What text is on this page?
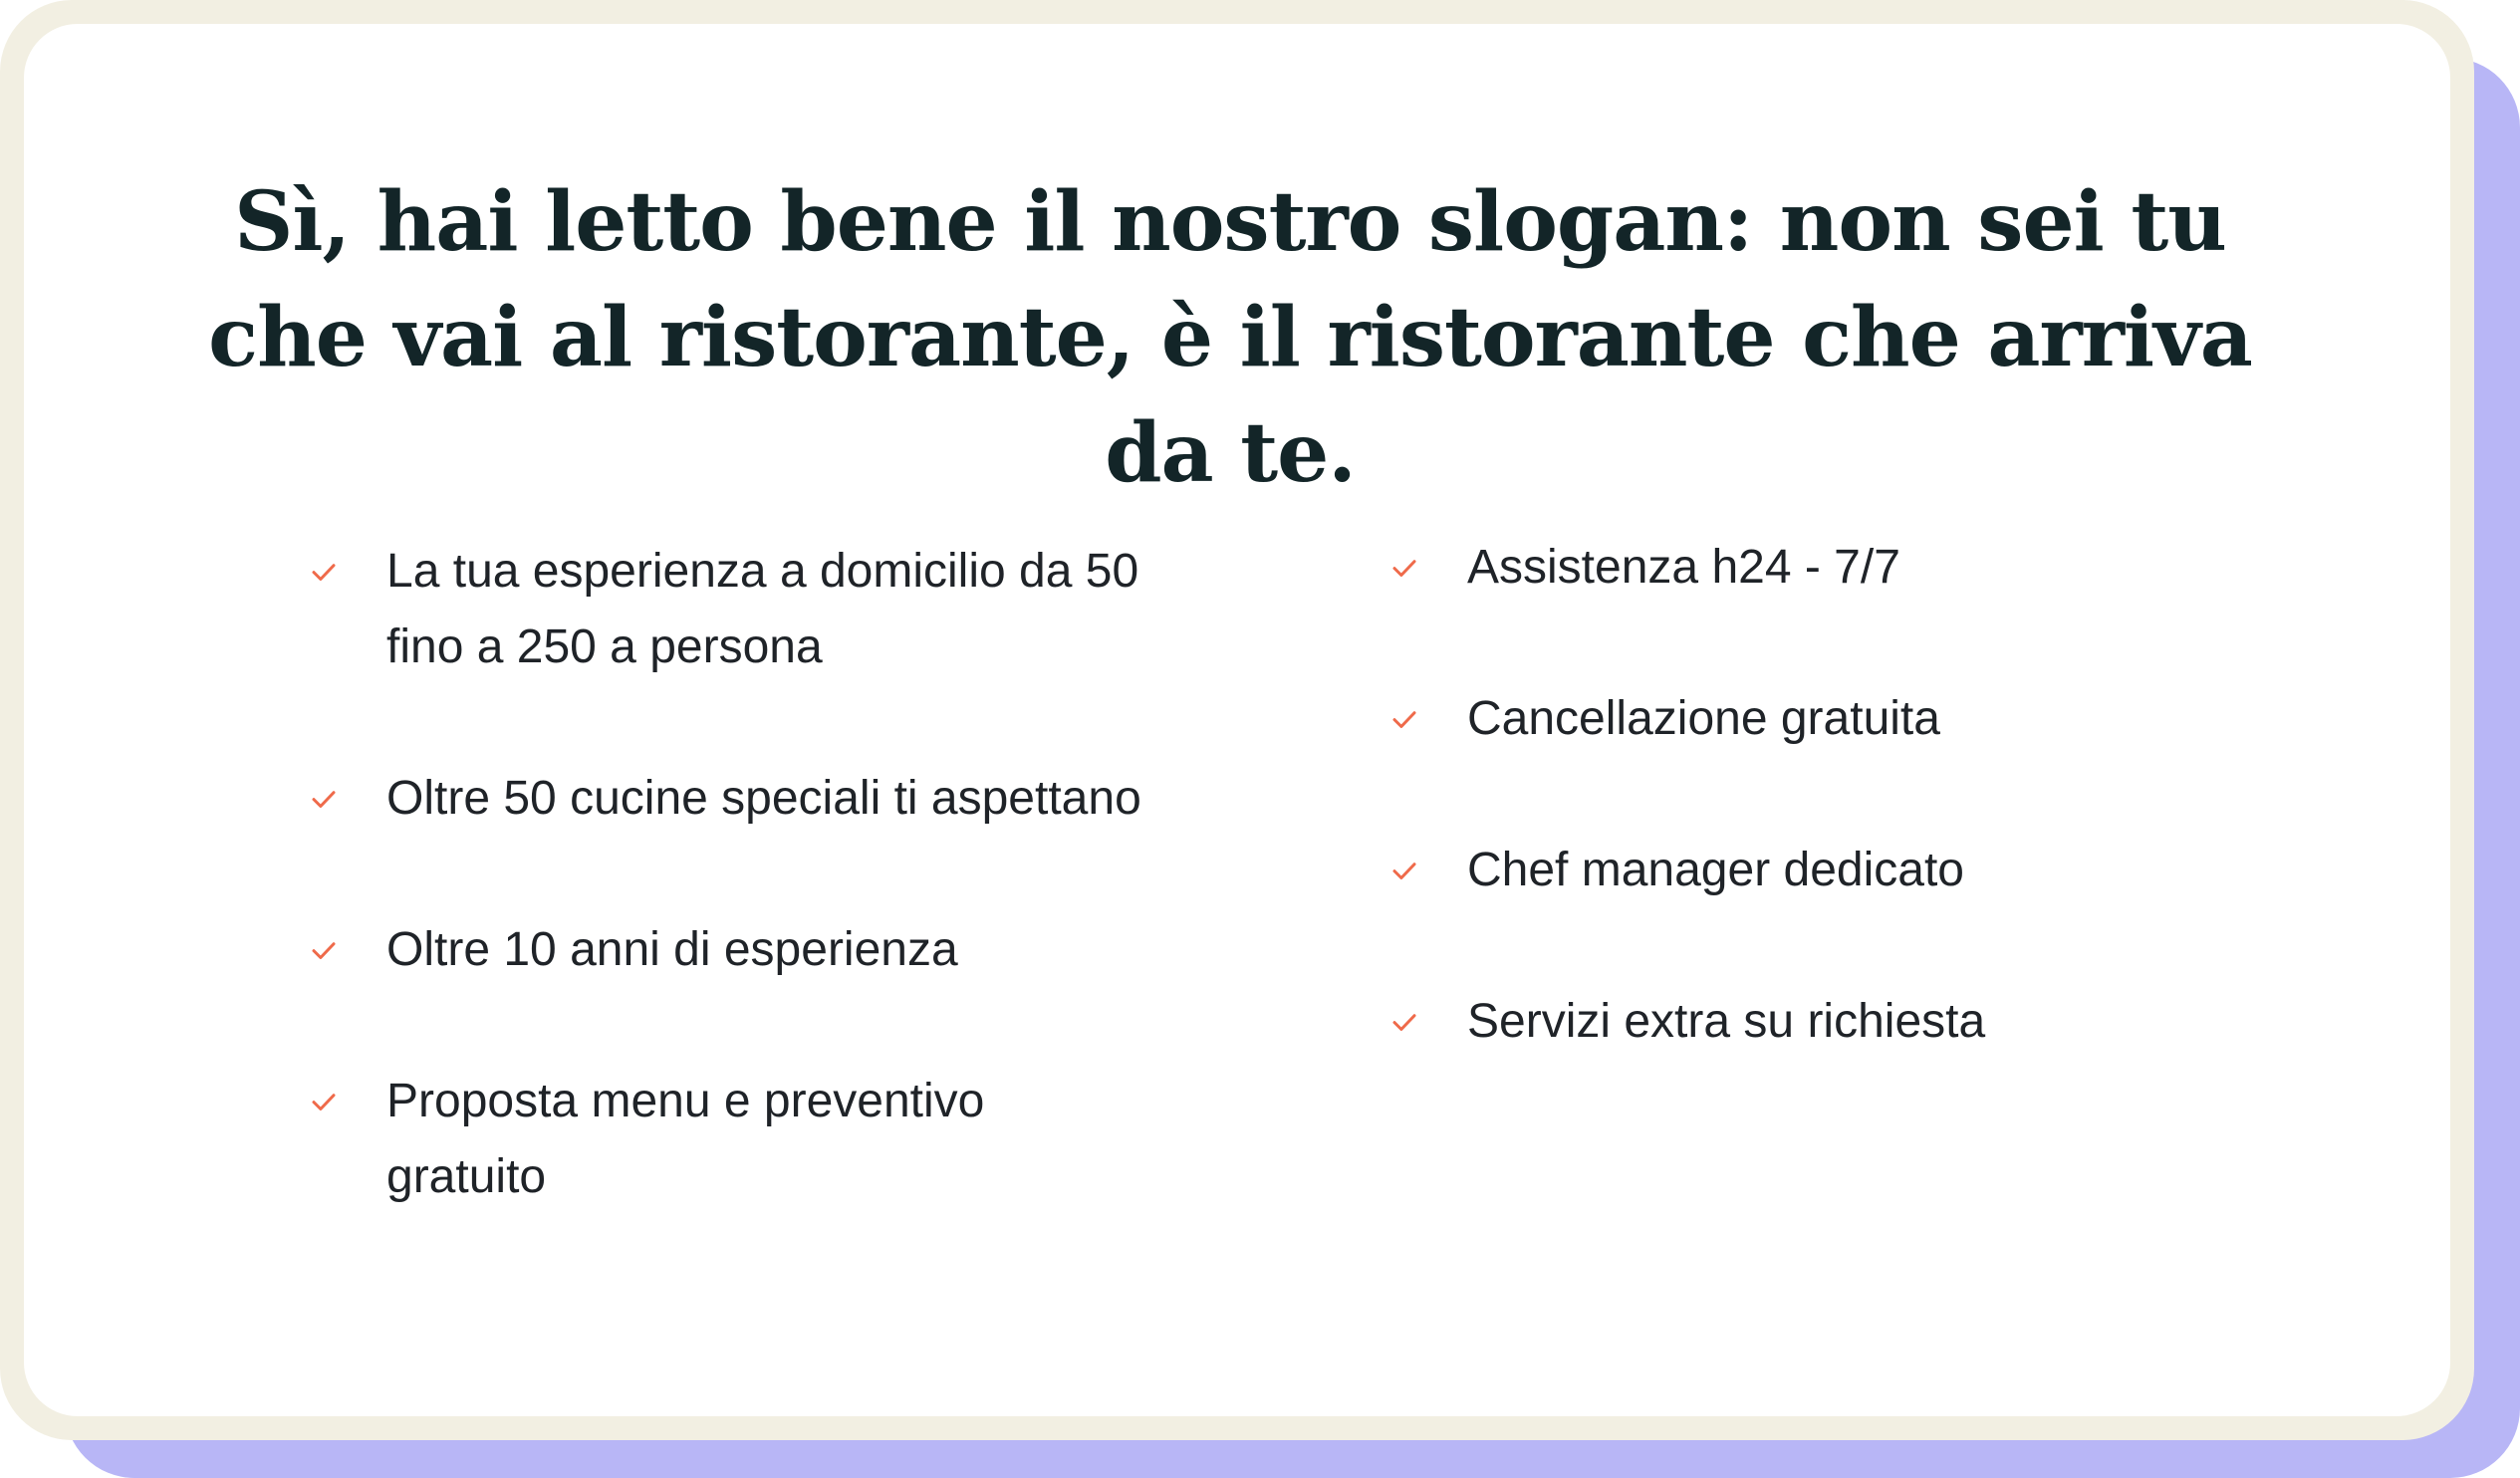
Sì, hai letto bene il nostro slogan: non sei tu che vai al ristorante, è il ristorante che arriva da te.
La tua esperienza a domicilio da 50
fino a 250 a persona
Oltre 50 cucine speciali ti aspettano
Oltre 10 anni di esperienza
Proposta menu e preventivo
gratuito
Assistenza h24 - 7/7
Cancellazione gratuita
Chef manager dedicato
Servizi extra su richiesta
